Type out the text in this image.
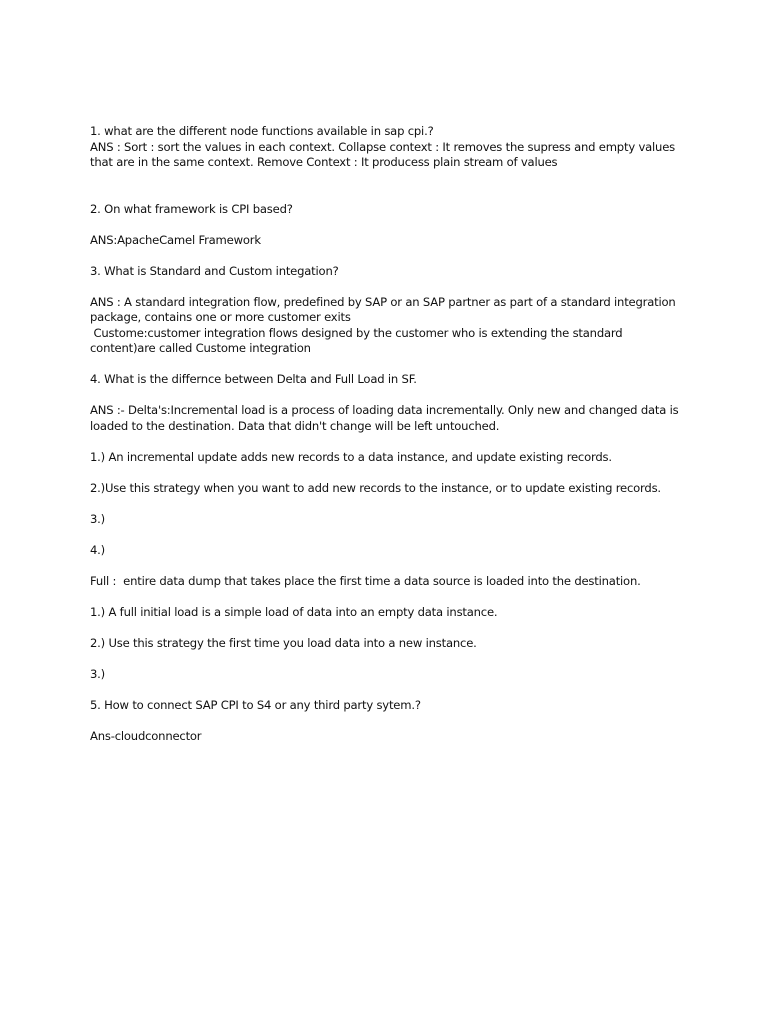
1. what are the different node functions available in sap cpi.?
ANS : Sort : sort the values in each context. Collapse context : It removes the supress and empty values
that are in the same context. Remove Context : It producess plain stream of values
2. On what framework is CPI based?
ANS:ApacheCamel Framework
3. What is Standard and Custom integation?
ANS : A standard integration flow, predefined by SAP or an SAP partner as part of a standard integration
package, contains one or more customer exits
Custome:customer integration flows designed by the customer who is extending the standard
content)are called Custome integration
4. What is the differnce between Delta and Full Load in SF.
ANS :- Delta's:Incremental load is a process of loading data incrementally. Only new and changed data is
loaded to the destination. Data that didn't change will be left untouched.
1.) An incremental update adds new records to a data instance, and update existing records.
2.)Use this strategy when you want to add new records to the instance, or to update existing records.
3.)
4.)
Full :  entire data dump that takes place the first time a data source is loaded into the destination.
1.) A full initial load is a simple load of data into an empty data instance.
2.) Use this strategy the first time you load data into a new instance.
3.)
5. How to connect SAP CPI to S4 or any third party sytem.?
Ans-cloudconnector
